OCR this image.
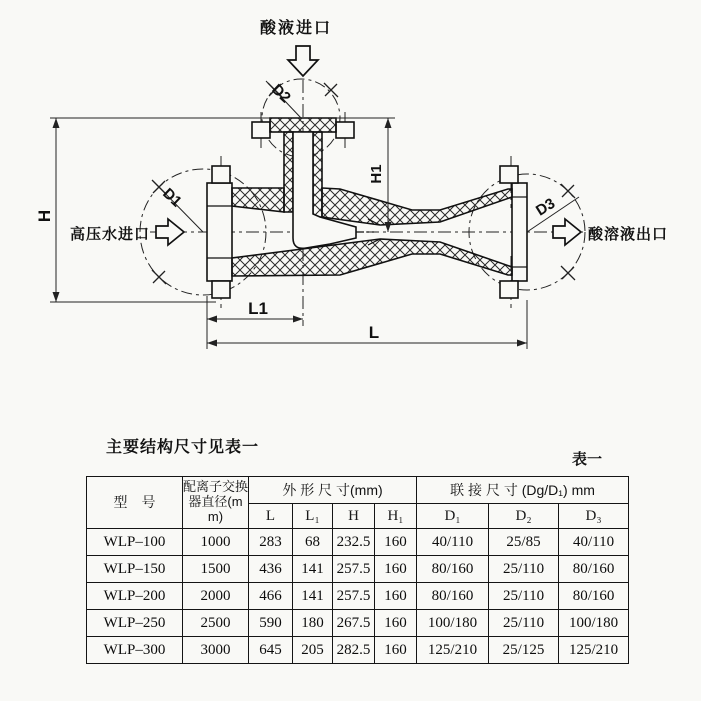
酸液进口
高压水进口	酸溶液出口
H
H1
L1
L
D1
D2
D3
主要结构尺寸见表一
表一
型　号	配离子交换器直径(mm)	外 形 尺 寸(mm)				联 接 尺 寸 (Dg/D₁) mm		
		L	L₁	H	H₁	D₁	D₂	D₃
WLP–100	1000	283	68	232.5	160	40/110	25/85	40/110
WLP–150	1500	436	141	257.5	160	80/160	25/110	80/160
WLP–200	2000	466	141	257.5	160	80/160	25/110	80/160
WLP–250	2500	590	180	267.5	160	100/180	25/110	100/180
WLP–300	3000	645	205	282.5	160	125/210	25/125	125/210
